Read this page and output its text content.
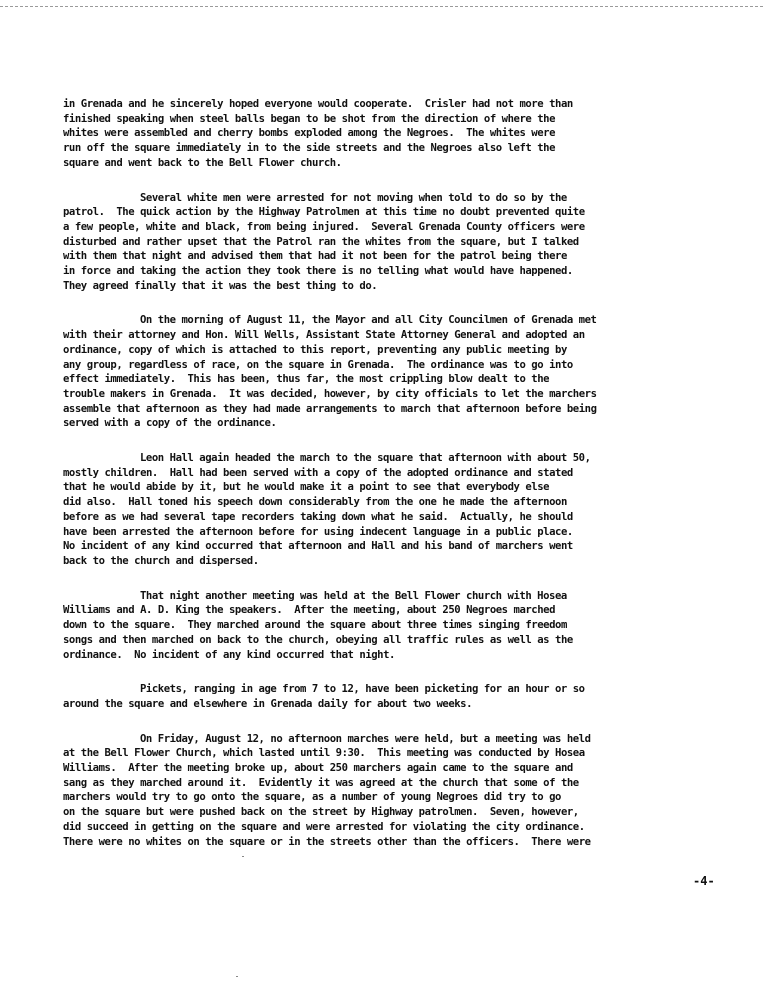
in Grenada and he sincerely hoped everyone would cooperate.  Crisler had not more than
finished speaking when steel balls began to be shot from the direction of where the
whites were assembled and cherry bombs exploded among the Negroes.  The whites were
run off the square immediately in to the side streets and the Negroes also left the
square and went back to the Bell Flower church.
Several white men were arrested for not moving when told to do so by the
patrol.  The quick action by the Highway Patrolmen at this time no doubt prevented quite
a few people, white and black, from being injured.  Several Grenada County officers were
disturbed and rather upset that the Patrol ran the whites from the square, but I talked
with them that night and advised them that had it not been for the patrol being there
in force and taking the action they took there is no telling what would have happened.
They agreed finally that it was the best thing to do.
On the morning of August 11, the Mayor and all City Councilmen of Grenada met
with their attorney and Hon. Will Wells, Assistant State Attorney General and adopted an
ordinance, copy of which is attached to this report, preventing any public meeting by
any group, regardless of race, on the square in Grenada.  The ordinance was to go into
effect immediately.  This has been, thus far, the most crippling blow dealt to the
trouble makers in Grenada.  It was decided, however, by city officials to let the marchers
assemble that afternoon as they had made arrangements to march that afternoon before being
served with a copy of the ordinance.
Leon Hall again headed the march to the square that afternoon with about 50,
mostly children.  Hall had been served with a copy of the adopted ordinance and stated
that he would abide by it, but he would make it a point to see that everybody else
did also.  Hall toned his speech down considerably from the one he made the afternoon
before as we had several tape recorders taking down what he said.  Actually, he should
have been arrested the afternoon before for using indecent language in a public place.
No incident of any kind occurred that afternoon and Hall and his band of marchers went
back to the church and dispersed.
That night another meeting was held at the Bell Flower church with Hosea
Williams and A. D. King the speakers.  After the meeting, about 250 Negroes marched
down to the square.  They marched around the square about three times singing freedom
songs and then marched on back to the church, obeying all traffic rules as well as the
ordinance.  No incident of any kind occurred that night.
Pickets, ranging in age from 7 to 12, have been picketing for an hour or so
around the square and elsewhere in Grenada daily for about two weeks.
On Friday, August 12, no afternoon marches were held, but a meeting was held
at the Bell Flower Church, which lasted until 9:30.  This meeting was conducted by Hosea
Williams.  After the meeting broke up, about 250 marchers again came to the square and
sang as they marched around it.  Evidently it was agreed at the church that some of the
marchers would try to go onto the square, as a number of young Negroes did try to go
on the square but were pushed back on the street by Highway patrolmen.  Seven, however,
did succeed in getting on the square and were arrested for violating the city ordinance.
There were no whites on the square or in the streets other than the officers.  There were
-4-
